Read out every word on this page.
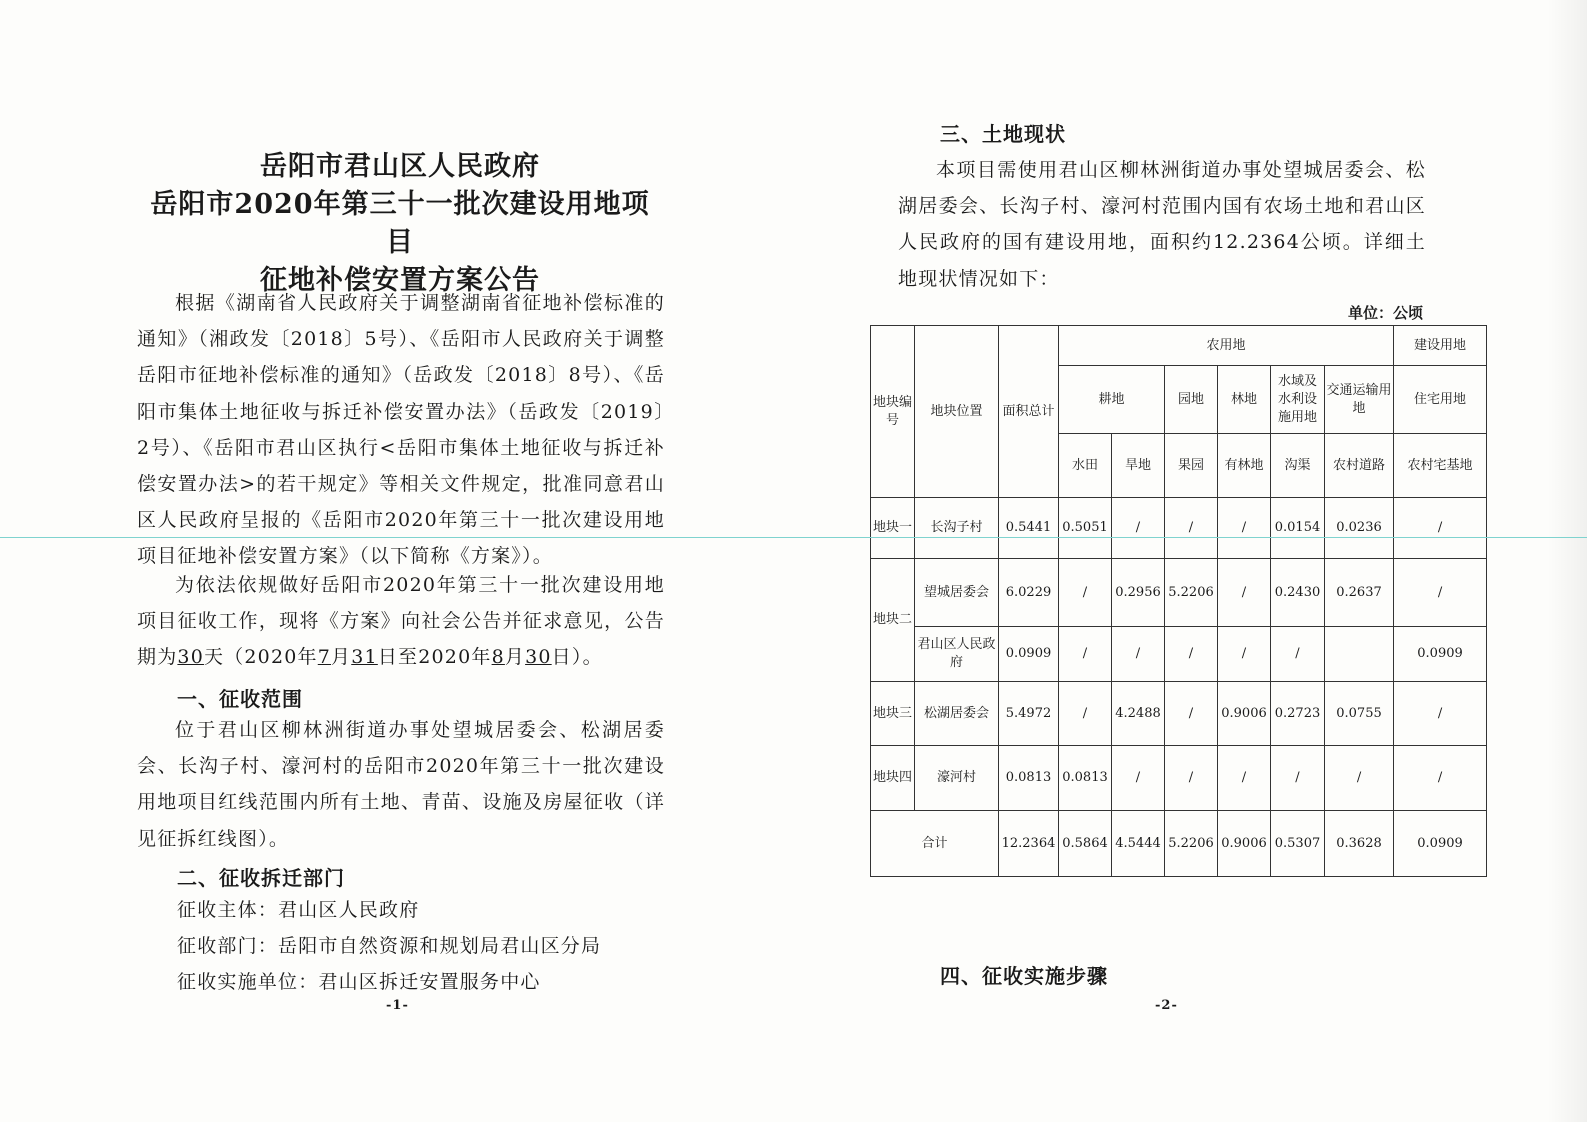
岳阳市君山区人民政府
岳阳市2020年第三十一批次建设用地项目
征地补偿安置方案公告

根据《湖南省人民政府关于调整湖南省征地补偿标准的通知》（湘政发〔2018〕5号）、《岳阳市人民政府关于调整岳阳市征地补偿标准的通知》（岳政发〔2018〕8号）、《岳阳市集体土地征收与拆迁补偿安置办法》（岳政发〔2019〕2号）、《岳阳市君山区执行<岳阳市集体土地征收与拆迁补偿安置办法>的若干规定》等相关文件规定，批准同意君山区人民政府呈报的《岳阳市2020年第三十一批次建设用地项目征地补偿安置方案》（以下简称《方案》）。

为依法依规做好岳阳市2020年第三十一批次建设用地项目征收工作，现将《方案》向社会公告并征求意见，公告期为30天（2020年7月31日至2020年8月30日）。

一、征收范围

位于君山区柳林洲街道办事处望城居委会、松湖居委会、长沟子村、濠河村的岳阳市2020年第三十一批次建设用地项目红线范围内所有土地、青苗、设施及房屋征收（详见征拆红线图）。

二、征收拆迁部门

征收主体：君山区人民政府

征收部门：岳阳市自然资源和规划局君山区分局

征收实施单位：君山区拆迁安置服务中心

-1-
三、土地现状

本项目需使用君山区柳林洲街道办事处望城居委会、松湖居委会、长沟子村、濠河村范围内国有农场土地和君山区人民政府的国有建设用地，面积约12.2364公顷。详细土地现状情况如下：

单位：公顷
地块编号	地块位置	面积总计	农用地						建设用地
			耕地		园地	林地	水域及水利设施用地	交通运输用地	住宅用地
			水田	旱地	果园	有林地	沟渠	农村道路	农村宅基地
地块一	长沟子村	0.5441	0.5051	/	/	/	0.0154	0.0236	/
地块二	望城居委会	6.0229	/	0.2956	5.2206	/	0.2430	0.2637	/
	君山区人民政府	0.0909	/	/	/	/	/		0.0909
地块三	松湖居委会	5.4972	/	4.2488	/	0.9006	0.2723	0.0755	/
地块四	濠河村	0.0813	0.0813	/	/	/	/	/	/
合计		12.2364	0.5864	4.5444	5.2206	0.9006	0.5307	0.3628	0.0909
四、征收实施步骤
-2-
